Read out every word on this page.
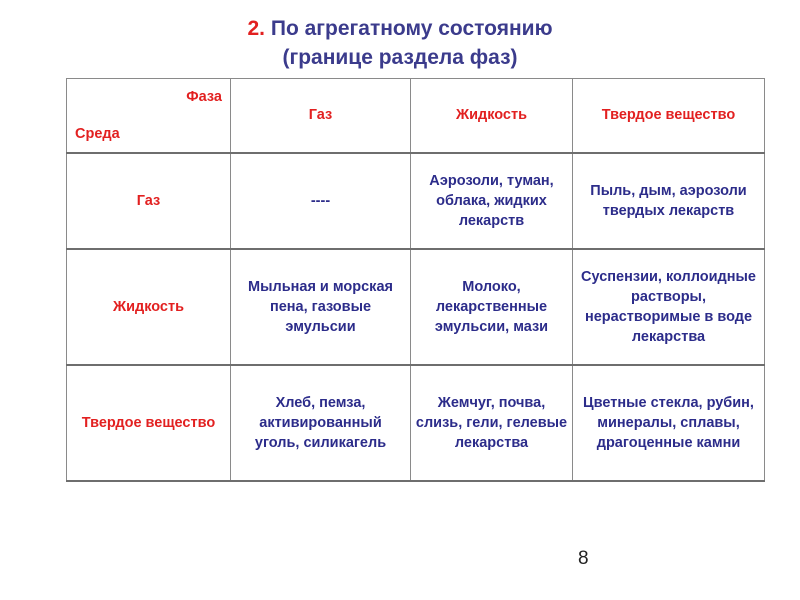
2. По агрегатному состоянию
(границе раздела фаз)
Фаза
Среда	Газ	Жидкость	Твердое вещество
Газ	----	Аэрозоли, туман, облака, жидких лекарств	Пыль, дым, аэрозоли твердых лекарств
Жидкость	Мыльная и морская пена, газовые эмульсии	Молоко, лекарственные эмульсии, мази	Суспензии, коллоидные растворы, нерастворимые в воде лекарства
Твердое вещество	Хлеб, пемза, активированный уголь, силикагель	Жемчуг, почва, слизь, гели, гелевые лекарства	Цветные стекла, рубин, минералы, сплавы, драгоценные камни
8
